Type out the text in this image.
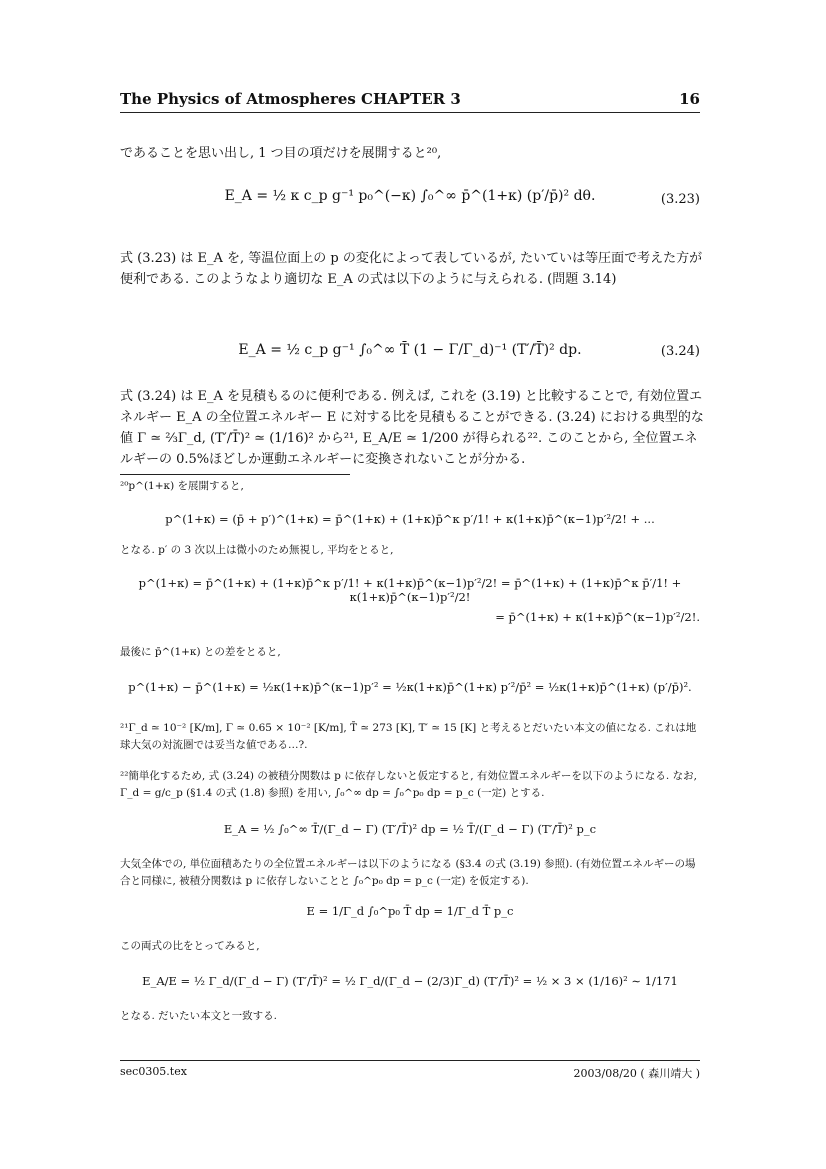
The Physics of Atmospheres CHAPTER 3	16
であることを思い出し, 1 つ目の項だけを展開すると²⁰,
E_A = ½ κ c_p g⁻¹ p₀^(−κ) ∫₀^∞ p̄^(1+κ) (p′/p̄)² dθ.	(3.23)
式 (3.23) は E_A を, 等温位面上の p の変化によって表しているが, たいていは等圧面で考えた方が便利である. このようなより適切な E_A の式は以下のように与えられる. (問題 3.14)
E_A = ½ c_p g⁻¹ ∫₀^∞ T̄ (1 − Γ/Γ_d)⁻¹ (T′/T̄)² dp.	(3.24)
式 (3.24) は E_A を見積もるのに便利である. 例えば, これを (3.19) と比較することで, 有効位置エネルギー E_A の全位置エネルギー E に対する比を見積もることができる. (3.24) における典型的な値 Γ ≃ ⅔Γ_d, (T′/T̄)² ≃ (1/16)² から²¹, E_A/E ≃ 1/200 が得られる²². このことから, 全位置エネルギーの 0.5%ほどしか運動エネルギーに変換されないことが分かる.
²⁰p^(1+κ) を展開すると,
p^(1+κ) = (p̄ + p′)^(1+κ) = p̄^(1+κ) + (1+κ)p̄^κ p′/1! + κ(1+κ)p̄^(κ−1)p′²/2! + ...
となる. p′ の 3 次以上は微小のため無視し, 平均をとると,
p^(1+κ) = p̄^(1+κ) + (1+κ)p̄^κ p′/1! + κ(1+κ)p̄^(κ−1)p′²/2! = p̄^(1+κ) + (1+κ)p̄^κ p̄′/1! + κ(1+κ)p̄^(κ−1)p′²/2!
= p̄^(1+κ) + κ(1+κ)p̄^(κ−1)p′²/2!.
最後に p̄^(1+κ) との差をとると,
p^(1+κ) − p̄^(1+κ) = ½κ(1+κ)p̄^(κ−1)p′² = ½κ(1+κ)p̄^(1+κ) p′²/p̄² = ½κ(1+κ)p̄^(1+κ) (p′/p̄)².
²¹Γ_d ≃ 10⁻² [K/m], Γ ≃ 0.65 × 10⁻² [K/m], T̄ ≃ 273 [K], T′ ≃ 15 [K] と考えるとだいたい本文の値になる. これは地球大気の対流圏では妥当な値である…?.
²²簡単化するため, 式 (3.24) の被積分関数は p に依存しないと仮定すると, 有効位置エネルギーを以下のようになる. なお, Γ_d = g/c_p (§1.4 の式 (1.8) 参照) を用い, ∫₀^∞ dp = ∫₀^p₀ dp = p_c (一定) とする.
E_A = ½ ∫₀^∞ T̄/(Γ_d − Γ) (T′/T̄)² dp = ½ T̄/(Γ_d − Γ) (T′/T̄)² p_c
大気全体での, 単位面積あたりの全位置エネルギーは以下のようになる (§3.4 の式 (3.19) 参照). (有効位置エネルギーの場合と同様に, 被積分関数は p に依存しないことと ∫₀^p₀ dp = p_c (一定) を仮定する).
E = 1/Γ_d ∫₀^p₀ T̄ dp = 1/Γ_d T̄ p_c
この両式の比をとってみると,
E_A/E = ½ Γ_d/(Γ_d − Γ) (T′/T̄)² = ½ Γ_d/(Γ_d − (2/3)Γ_d) (T′/T̄)² = ½ × 3 × (1/16)² ∼ 1/171
となる. だいたい本文と一致する.
sec0305.tex	2003/08/20 ( 森川靖大 )
